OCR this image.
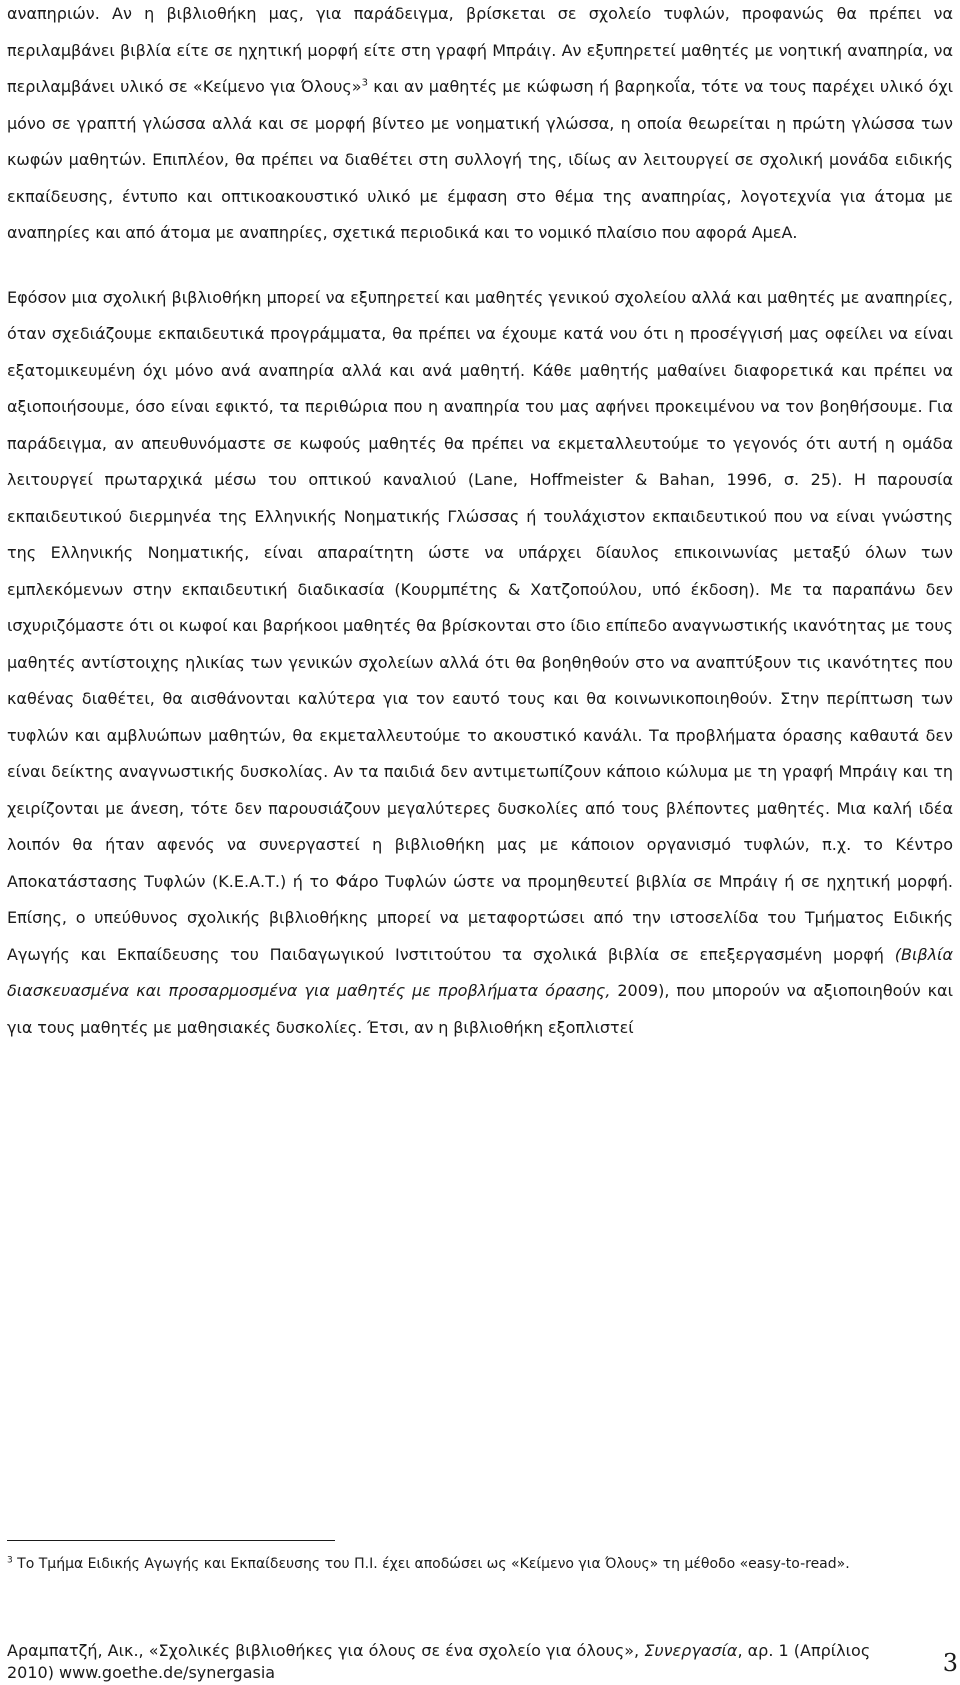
αναπηριών. Αν η βιβλιοθήκη μας, για παράδειγμα, βρίσκεται σε σχολείο τυφλών, προφανώς θα πρέπει να περιλαμβάνει βιβλία είτε σε ηχητική μορφή είτε στη γραφή Μπράιγ. Αν εξυπηρετεί μαθητές με νοητική αναπηρία, να περιλαμβάνει υλικό σε «Κείμενο για Όλους»$^3$ και αν μαθητές με κώφωση ή βαρηκοΐα, τότε να τους παρέχει υλικό όχι μόνο σε γραπτή γλώσσα αλλά και σε μορφή βίντεο με νοηματική γλώσσα, η οποία θεωρείται η πρώτη γλώσσα των κωφών μαθητών. Επιπλέον, θα πρέπει να διαθέτει στη συλλογή της, ιδίως αν λειτουργεί σε σχολική μονάδα ειδικής εκπαίδευσης, έντυπο και οπτικοακουστικό υλικό με έμφαση στο θέμα της αναπηρίας, λογοτεχνία για άτομα με αναπηρίες και από άτομα με αναπηρίες, σχετικά περιοδικά και το νομικό πλαίσιο που αφορά ΑμεΑ.

Εφόσον μια σχολική βιβλιοθήκη μπορεί να εξυπηρετεί και μαθητές γενικού σχολείου αλλά και μαθητές με αναπηρίες, όταν σχεδιάζουμε εκπαιδευτικά προγράμματα, θα πρέπει να έχουμε κατά νου ότι η προσέγγισή μας οφείλει να είναι εξατομικευμένη όχι μόνο ανά αναπηρία αλλά και ανά μαθητή. Κάθε μαθητής μαθαίνει διαφορετικά και πρέπει να αξιοποιήσουμε, όσο είναι εφικτό, τα περιθώρια που η αναπηρία του μας αφήνει προκειμένου να τον βοηθήσουμε. Για παράδειγμα, αν απευθυνόμαστε σε κωφούς μαθητές θα πρέπει να εκμεταλλευτούμε το γεγονός ότι αυτή η ομάδα λειτουργεί πρωταρχικά μέσω του οπτικού καναλιού (Lane, Hoffmeister & Bahan, 1996, σ. 25). Η παρουσία εκπαιδευτικού διερμηνέα της Ελληνικής Νοηματικής Γλώσσας ή τουλάχιστον εκπαιδευτικού που να είναι γνώστης της Ελληνικής Νοηματικής, είναι απαραίτητη ώστε να υπάρχει δίαυλος επικοινωνίας μεταξύ όλων των εμπλεκόμενων στην εκπαιδευτική διαδικασία (Κουρμπέτης & Χατζοπούλου, υπό έκδοση). Με τα παραπάνω δεν ισχυριζόμαστε ότι οι κωφοί και βαρήκοοι μαθητές θα βρίσκονται στο ίδιο επίπεδο αναγνωστικής ικανότητας με τους μαθητές αντίστοιχης ηλικίας των γενικών σχολείων αλλά ότι θα βοηθηθούν στο να αναπτύξουν τις ικανότητες που καθένας διαθέτει, θα αισθάνονται καλύτερα για τον εαυτό τους και θα κοινωνικοποιηθούν. Στην περίπτωση των τυφλών και αμβλυώπων μαθητών, θα εκμεταλλευτούμε το ακουστικό κανάλι. Τα προβλήματα όρασης καθαυτά δεν είναι δείκτης αναγνωστικής δυσκολίας. Αν τα παιδιά δεν αντιμετωπίζουν κάποιο κώλυμα με τη γραφή Μπράιγ και τη χειρίζονται με άνεση, τότε δεν παρουσιάζουν μεγαλύτερες δυσκολίες από τους βλέποντες μαθητές. Μια καλή ιδέα λοιπόν θα ήταν αφενός να συνεργαστεί η βιβλιοθήκη μας με κάποιον οργανισμό τυφλών, π.χ. το Κέντρο Αποκατάστασης Τυφλών (Κ.Ε.Α.Τ.) ή το Φάρο Τυφλών ώστε να προμηθευτεί βιβλία σε Μπράιγ ή σε ηχητική μορφή. Επίσης, ο υπεύθυνος σχολικής βιβλιοθήκης μπορεί να μεταφορτώσει από την ιστοσελίδα του Τμήματος Ειδικής Αγωγής και Εκπαίδευσης του Παιδαγωγικού Ινστιτούτου τα σχολικά βιβλία σε επεξεργασμένη μορφή (Βιβλία διασκευασμένα και προσαρμοσμένα για μαθητές με προβλήματα όρασης, 2009), που μπορούν να αξιοποιηθούν και για τους μαθητές με μαθησιακές δυσκολίες. Έτσι, αν η βιβλιοθήκη εξοπλιστεί

$^3$ Το Τμήμα Ειδικής Αγωγής και Εκπαίδευσης του Π.Ι. έχει αποδώσει ως «Κείμενο για Όλους» τη μέθοδο «easy-to-read».
Αραμπατζή, Αικ., «Σχολικές βιβλιοθήκες για όλους σε ένα σχολείο για όλους», Συνεργασία, αρ. 1 (Απρίλιος 2010) www.goethe.de/synergasia	3
